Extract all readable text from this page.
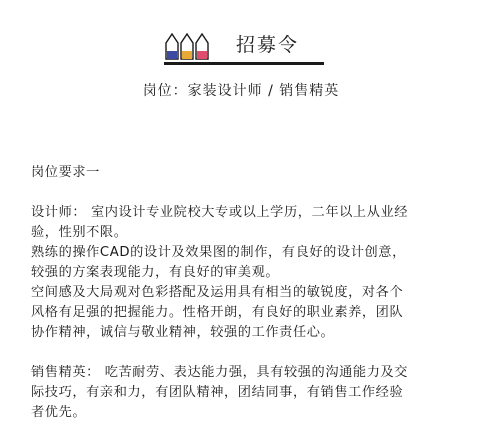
招募令
岗位：家装设计师 / 销售精英

岗位要求一

设计师： 室内设计专业院校大专或以上学历，二年以上从业经

验，性别不限。

熟练的操作CAD的设计及效果图的制作，有良好的设计创意，

较强的方案表现能力，有良好的审美观。

空间感及大局观对色彩搭配及运用具有相当的敏锐度，对各个

风格有足强的把握能力。性格开朗，有良好的职业素养，团队

协作精神，诚信与敬业精神，较强的工作责任心。

销售精英： 吃苦耐劳、表达能力强，具有较强的沟通能力及交

际技巧，有亲和力，有团队精神，团结同事，有销售工作经验

者优先。
